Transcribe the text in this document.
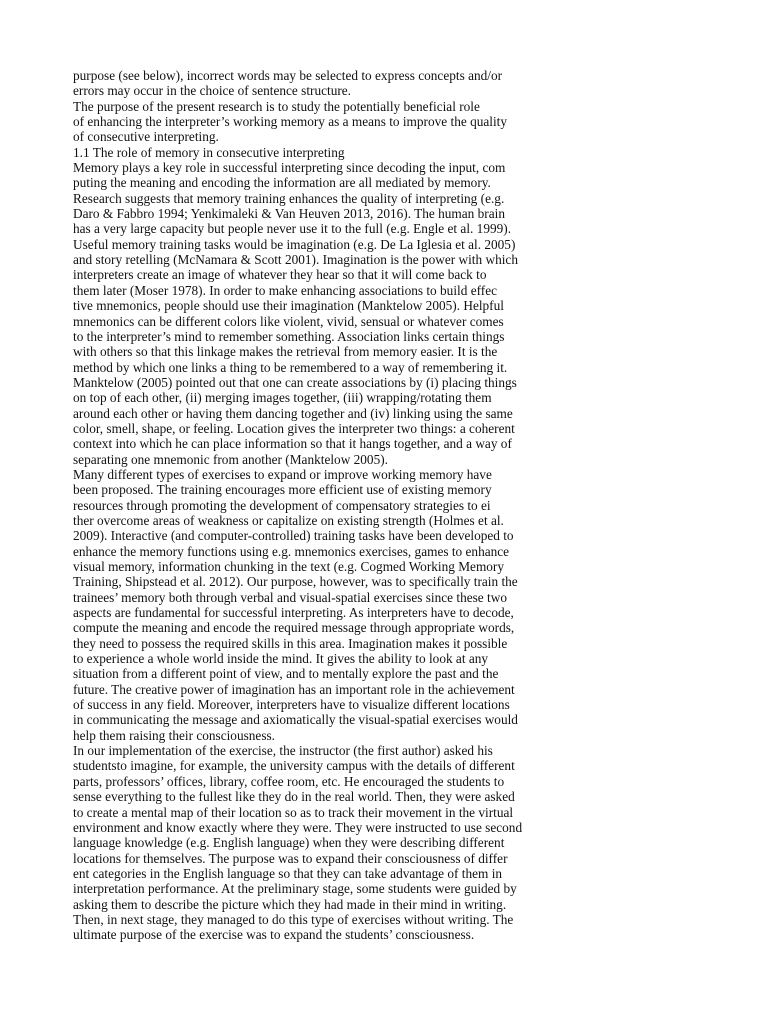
purpose (see below), incorrect words may be selected to express concepts and/or
errors may occur in the choice of sentence structure.
The purpose of the present research is to study the potentially beneficial role
of enhancing the interpreter’s working memory as a means to improve the quality
of consecutive interpreting.
1.1 The role of memory in consecutive interpreting
Memory plays a key role in successful interpreting since decoding the input, com
puting the meaning and encoding the information are all mediated by memory.
Research suggests that memory training enhances the quality of interpreting (e.g.
Daro & Fabbro 1994; Yenkimaleki & Van Heuven 2013, 2016). The human brain
has a very large capacity but people never use it to the full (e.g. Engle et al. 1999).
Useful memory training tasks would be imagination (e.g. De La Iglesia et al. 2005)
and story retelling (McNamara & Scott 2001). Imagination is the power with which
interpreters create an image of whatever they hear so that it will come back to
them later (Moser 1978). In order to make enhancing associations to build effec
tive mnemonics, people should use their imagination (Manktelow 2005). Helpful
mnemonics can be different colors like violent, vivid, sensual or whatever comes
to the interpreter’s mind to remember something. Association links certain things
with others so that this linkage makes the retrieval from memory easier. It is the
method by which one links a thing to be remembered to a way of remembering it.
Manktelow (2005) pointed out that one can create associations by (i) placing things
on top of each other, (ii) merging images together, (iii) wrapping/rotating them
around each other or having them dancing together and (iv) linking using the same
color, smell, shape, or feeling. Location gives the interpreter two things: a coherent
context into which he can place information so that it hangs together, and a way of
separating one mnemonic from another (Manktelow 2005).
Many different types of exercises to expand or improve working memory have
been proposed. The training encourages more efficient use of existing memory
resources through promoting the development of compensatory strategies to ei
ther overcome areas of weakness or capitalize on existing strength (Holmes et al.
2009). Interactive (and computer-controlled) training tasks have been developed to
enhance the memory functions using e.g. mnemonics exercises, games to enhance
visual memory, information chunking in the text (e.g. Cogmed Working Memory
Training, Shipstead et al. 2012). Our purpose, however, was to specifically train the
trainees’ memory both through verbal and visual-spatial exercises since these two
aspects are fundamental for successful interpreting. As interpreters have to decode,
compute the meaning and encode the required message through appropriate words,
they need to possess the required skills in this area. Imagination makes it possible
to experience a whole world inside the mind. It gives the ability to look at any
situation from a different point of view, and to mentally explore the past and the
future. The creative power of imagination has an important role in the achievement
of success in any field. Moreover, interpreters have to visualize different locations
in communicating the message and axiomatically the visual-spatial exercises would
help them raising their consciousness.
In our implementation of the exercise, the instructor (the first author) asked his
studentsto imagine, for example, the university campus with the details of different
parts, professors’ offices, library, coffee room, etc. He encouraged the students to
sense everything to the fullest like they do in the real world. Then, they were asked
to create a mental map of their location so as to track their movement in the virtual
environment and know exactly where they were. They were instructed to use second
language knowledge (e.g. English language) when they were describing different
locations for themselves. The purpose was to expand their consciousness of differ
ent categories in the English language so that they can take advantage of them in
interpretation performance. At the preliminary stage, some students were guided by
asking them to describe the picture which they had made in their mind in writing.
Then, in next stage, they managed to do this type of exercises without writing. The
ultimate purpose of the exercise was to expand the students’ consciousness.
